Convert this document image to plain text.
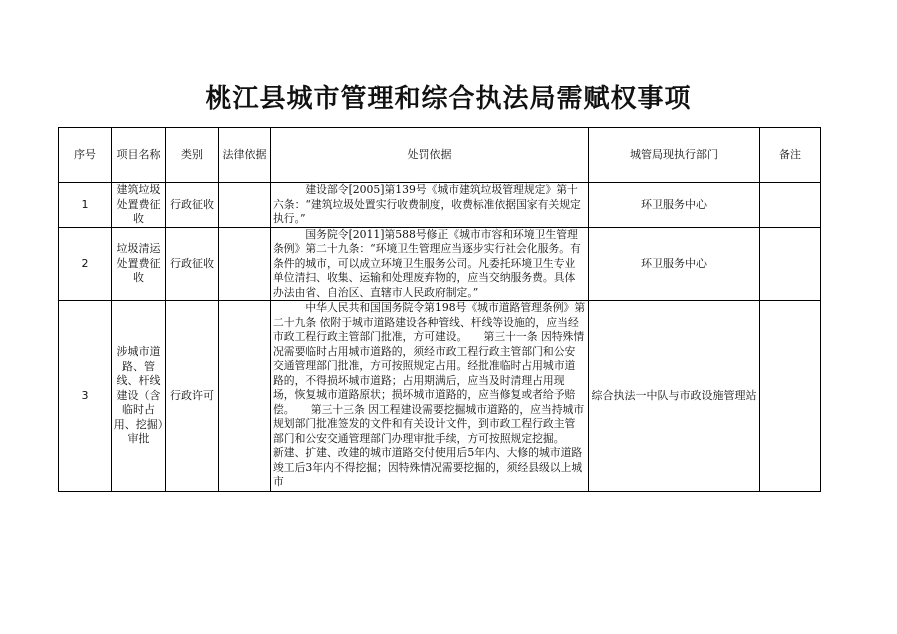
桃江县城市管理和综合执法局需赋权事项
序号	项目名称	类别	法律依据	处罚依据	城管局现执行部门	备注
1	建筑垃圾处置费征收	行政征收		　　　建设部令[2005]第139号《城市建筑垃圾管理规定》第十六条：“建筑垃圾处置实行收费制度，收费标准依据国家有关规定执行。”	环卫服务中心	
2	垃圾清运处置费征收	行政征收		　　　国务院令[2011]第588号修正《城市市容和环境卫生管理条例》第二十九条：“环境卫生管理应当逐步实行社会化服务。有条件的城市，可以成立环境卫生服务公司。凡委托环境卫生专业单位清扫、收集、运输和处理废弃物的，应当交纳服务费。具体办法由省、自治区、直辖市人民政府制定。”	环卫服务中心	
3	涉城市道路、管线、杆线建设（含临时占用、挖掘）审批	行政许可		　　　中华人民共和国国务院令第198号《城市道路管理条例》第二十九条 依附于城市道路建设各种管线、杆线等设施的，应当经市政工程行政主管部门批准，方可建设。　　第三十一条 因特殊情况需要临时占用城市道路的，须经市政工程行政主管部门和公安交通管理部门批准，方可按照规定占用。经批准临时占用城市道路的，不得损坏城市道路；占用期满后，应当及时清理占用现场，恢复城市道路原状；损坏城市道路的，应当修复或者给予赔偿。　　第三十三条 因工程建设需要挖掘城市道路的，应当持城市规划部门批准签发的文件和有关设计文件，到市政工程行政主管部门和公安交通管理部门办理审批手续，方可按照规定挖掘。　　新建、扩建、改建的城市道路交付使用后5年内、大修的城市道路竣工后3年内不得挖掘；因特殊情况需要挖掘的，须经县级以上城市	综合执法一中队与市政设施管理站	
